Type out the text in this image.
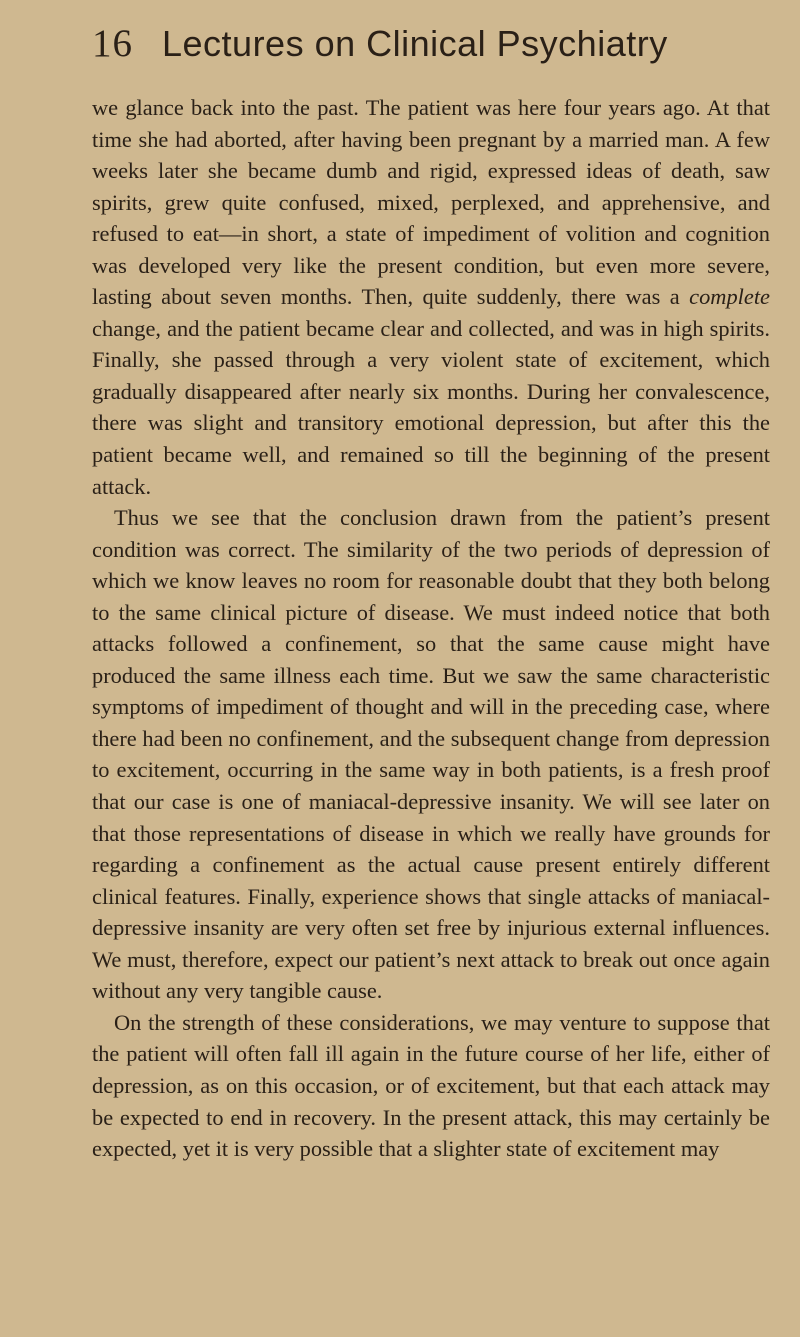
16 Lectures on Clinical Psychiatry

we glance back into the past. The patient was here four years ago. At that time she had aborted, after having been pregnant by a married man. A few weeks later she became dumb and rigid, expressed ideas of death, saw spirits, grew quite confused, mixed, perplexed, and apprehensive, and refused to eat—in short, a state of impediment of volition and cognition was developed very like the present condition, but even more severe, lasting about seven months. Then, quite suddenly, there was a complete change, and the patient became clear and collected, and was in high spirits. Finally, she passed through a very violent state of excitement, which gradually disappeared after nearly six months. During her convalescence, there was slight and transitory emotional depression, but after this the patient became well, and remained so till the beginning of the present attack.

Thus we see that the conclusion drawn from the patient’s present condition was correct. The similarity of the two periods of depression of which we know leaves no room for reasonable doubt that they both belong to the same clinical picture of disease. We must indeed notice that both attacks followed a confinement, so that the same cause might have produced the same illness each time. But we saw the same characteristic symptoms of impediment of thought and will in the preceding case, where there had been no confinement, and the subsequent change from depression to excitement, occurring in the same way in both patients, is a fresh proof that our case is one of maniacal-depressive insanity. We will see later on that those representations of disease in which we really have grounds for regarding a confinement as the actual cause present entirely different clinical features. Finally, experience shows that single attacks of maniacal-depressive insanity are very often set free by injurious external influences. We must, therefore, expect our patient’s next attack to break out once again without any very tangible cause.

On the strength of these considerations, we may venture to suppose that the patient will often fall ill again in the future course of her life, either of depression, as on this occasion, or of excitement, but that each attack may be expected to end in recovery. In the present attack, this may certainly be expected, yet it is very possible that a slighter state of excitement may
